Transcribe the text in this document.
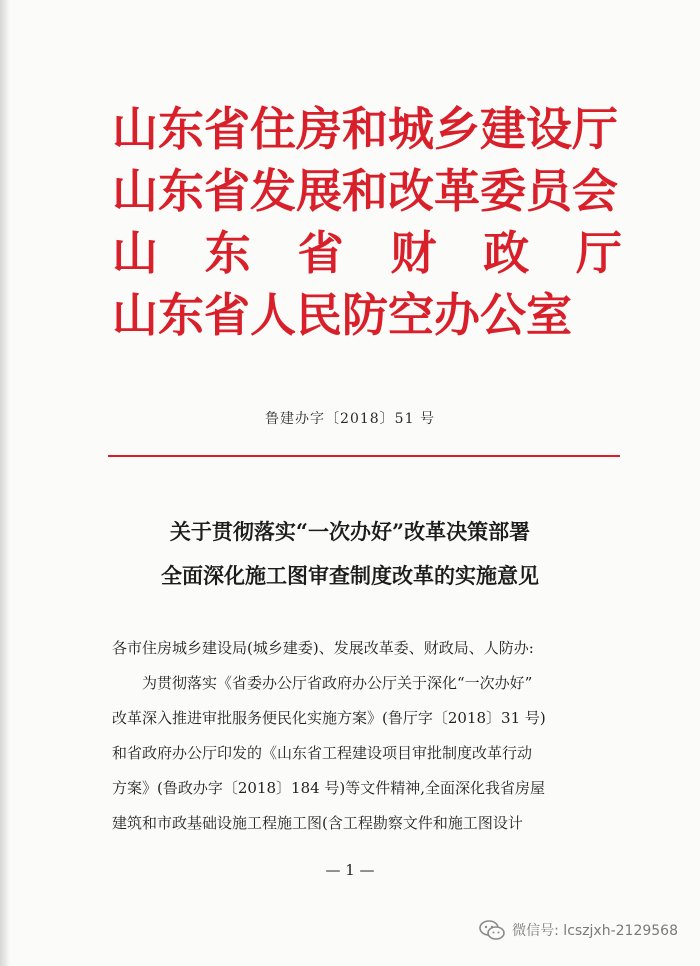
山东省住房和城乡建设厅
山东省发展和改革委员会
山 东 省 财 政 厅
山东省人民防空办公室
鲁建办字〔2018〕51 号
关于贯彻落实“一次办好”改革决策部署
全面深化施工图审查制度改革的实施意见
各市住房城乡建设局(城乡建委)、发展改革委、财政局、人防办:
为贯彻落实《省委办公厅省政府办公厅关于深化“一次办好”
改革深入推进审批服务便民化实施方案》(鲁厅字〔2018〕31 号)
和省政府办公厅印发的《山东省工程建设项目审批制度改革行动
方案》(鲁政办字〔2018〕184 号)等文件精神,全面深化我省房屋
建筑和市政基础设施工程施工图(含工程勘察文件和施工图设计
— 1 —
微信号: lcszjxh-2129568
